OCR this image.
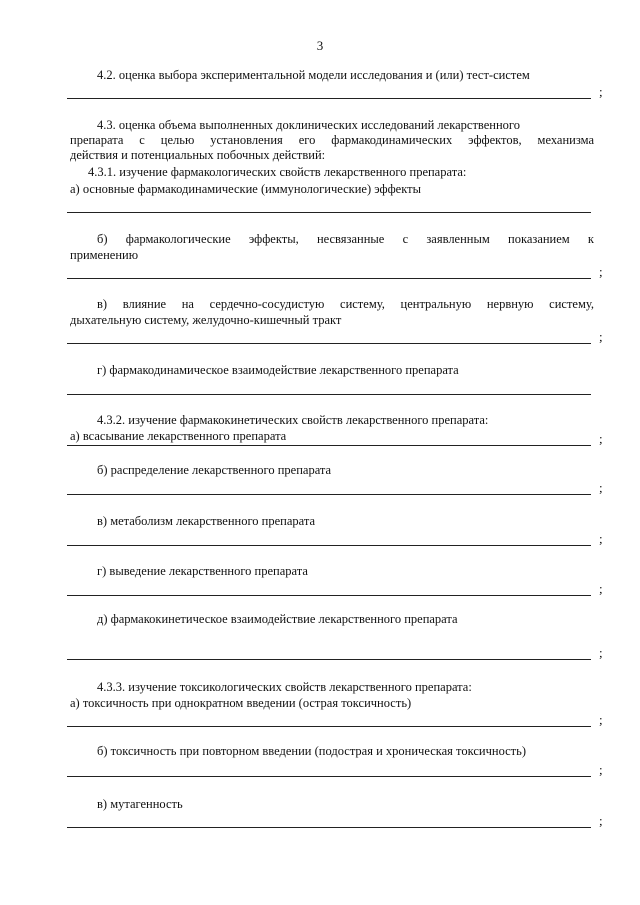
3
4.2. оценка выбора экспериментальной модели исследования и (или) тест-систем
;
4.3. оценка объема выполненных доклинических исследований лекарственного
препарата с целью установления его фармакодинамических эффектов, механизма
действия и потенциальных побочных действий:
4.3.1. изучение фармакологических свойств лекарственного препарата:
а) основные фармакодинамические (иммунологические) эффекты
б) фармакологические эффекты, несвязанные с заявленным показанием к
применению
;
в) влияние на сердечно-сосудистую систему, центральную нервную систему,
дыхательную систему, желудочно-кишечный тракт
;
г) фармакодинамическое взаимодействие лекарственного препарата
4.3.2. изучение фармакокинетических свойств лекарственного препарата:
а) всасывание лекарственного препарата	;
б) распределение лекарственного препарата
;
в) метаболизм лекарственного препарата
;
г) выведение лекарственного препарата
;
д) фармакокинетическое взаимодействие лекарственного препарата
;
4.3.3. изучение токсикологических свойств лекарственного препарата:
а) токсичность при однократном введении (острая токсичность)
;
б) токсичность при повторном введении (подострая и хроническая токсичность)
;
в) мутагенность
;
